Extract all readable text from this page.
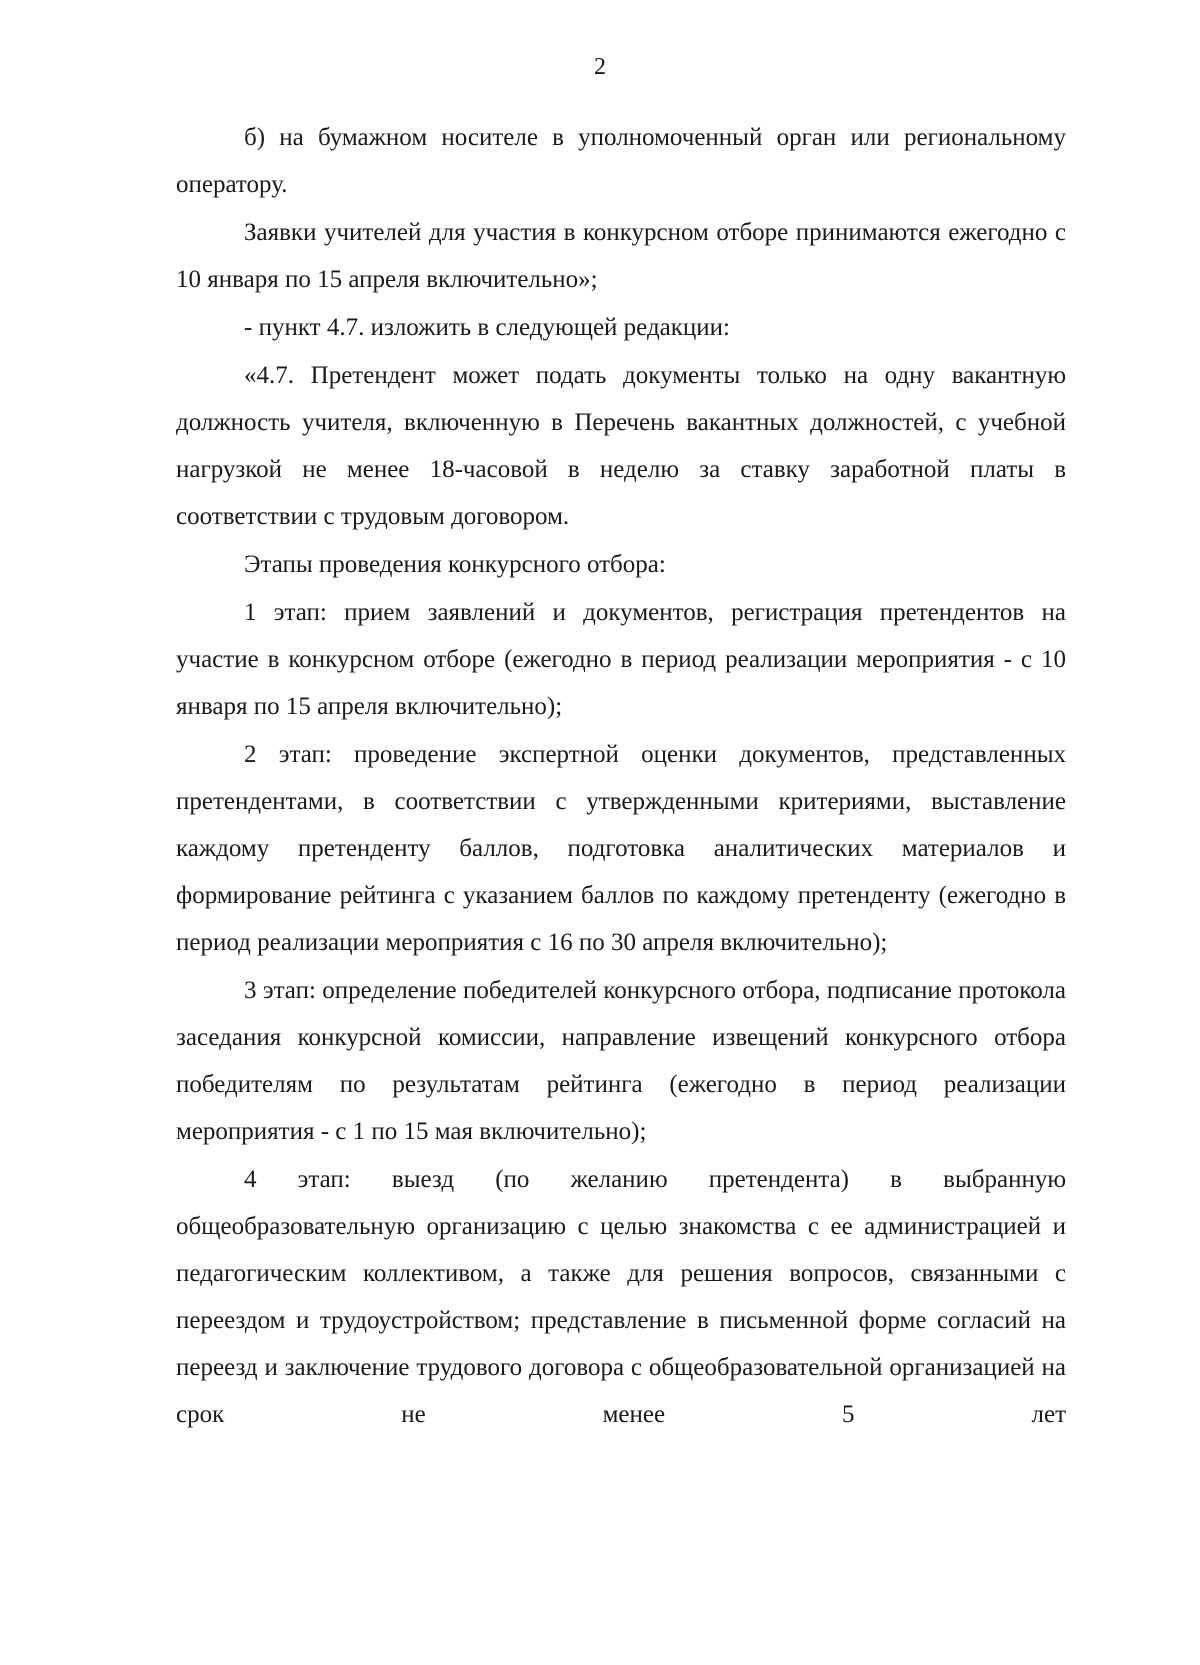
2

б) на бумажном носителе в уполномоченный орган или региональному оператору.

Заявки учителей для участия в конкурсном отборе принимаются ежегодно с 10 января по 15 апреля включительно»;

- пункт 4.7. изложить в следующей редакции:

«4.7. Претендент может подать документы только на одну вакантную должность учителя, включенную в Перечень вакантных должностей, с учебной нагрузкой не менее 18-часовой в неделю за ставку заработной платы в соответствии с трудовым договором.

Этапы проведения конкурсного отбора:

1 этап: прием заявлений и документов, регистрация претендентов на участие в конкурсном отборе (ежегодно в период реализации мероприятия - с 10 января по 15 апреля включительно);

2 этап: проведение экспертной оценки документов, представленных претендентами, в соответствии с утвержденными критериями, выставление каждому претенденту баллов, подготовка аналитических материалов и формирование рейтинга с указанием баллов по каждому претенденту (ежегодно в период реализации мероприятия с 16 по 30 апреля включительно);

3 этап: определение победителей конкурсного отбора, подписание протокола заседания конкурсной комиссии, направление извещений конкурсного отбора победителям по результатам рейтинга (ежегодно в период реализации мероприятия - с 1 по 15 мая включительно);

4 этап: выезд (по желанию претендента) в выбранную общеобразовательную организацию с целью знакомства с ее администрацией и педагогическим коллективом, а также для решения вопросов, связанными с переездом и трудоустройством; представление в письменной форме согласий на переезд и заключение трудового договора с общеобразовательной организацией на срок не менее 5 лет
